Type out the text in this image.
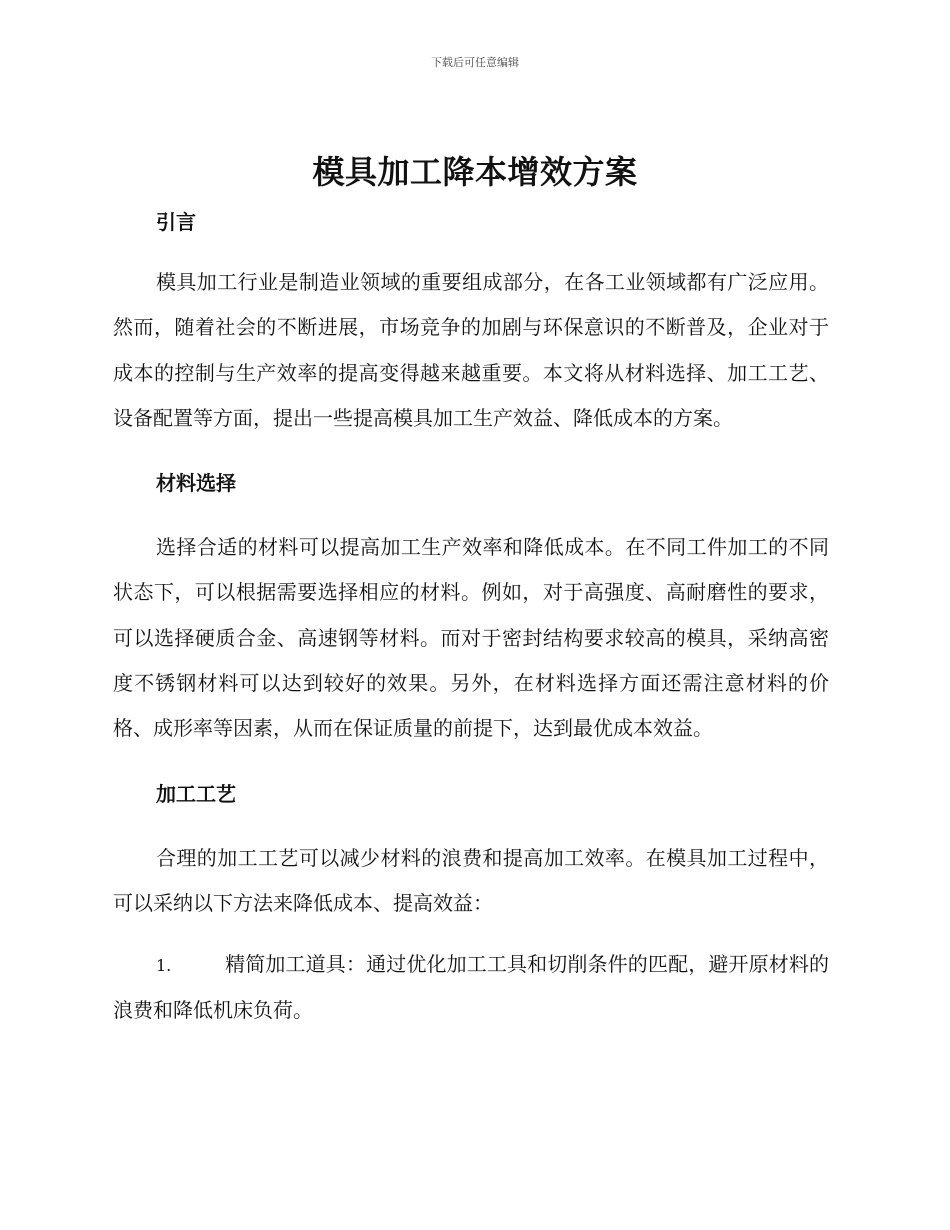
下载后可任意编辑
模具加工降本增效方案
引言

模具加工行业是制造业领域的重要组成部分，在各工业领域都有广泛应用。然而，随着社会的不断进展，市场竞争的加剧与环保意识的不断普及，企业对于成本的控制与生产效率的提高变得越来越重要。本文将从材料选择、加工工艺、设备配置等方面，提出一些提高模具加工生产效益、降低成本的方案。

材料选择

选择合适的材料可以提高加工生产效率和降低成本。在不同工件加工的不同状态下，可以根据需要选择相应的材料。例如，对于高强度、高耐磨性的要求，可以选择硬质合金、高速钢等材料。而对于密封结构要求较高的模具，采纳高密度不锈钢材料可以达到较好的效果。另外，在材料选择方面还需注意材料的价格、成形率等因素，从而在保证质量的前提下，达到最优成本效益。

加工工艺

合理的加工工艺可以减少材料的浪费和提高加工效率。在模具加工过程中，可以采纳以下方法来降低成本、提高效益：

1.	精简加工道具：通过优化加工工具和切削条件的匹配，避开原材料的浪费和降低机床负荷。
